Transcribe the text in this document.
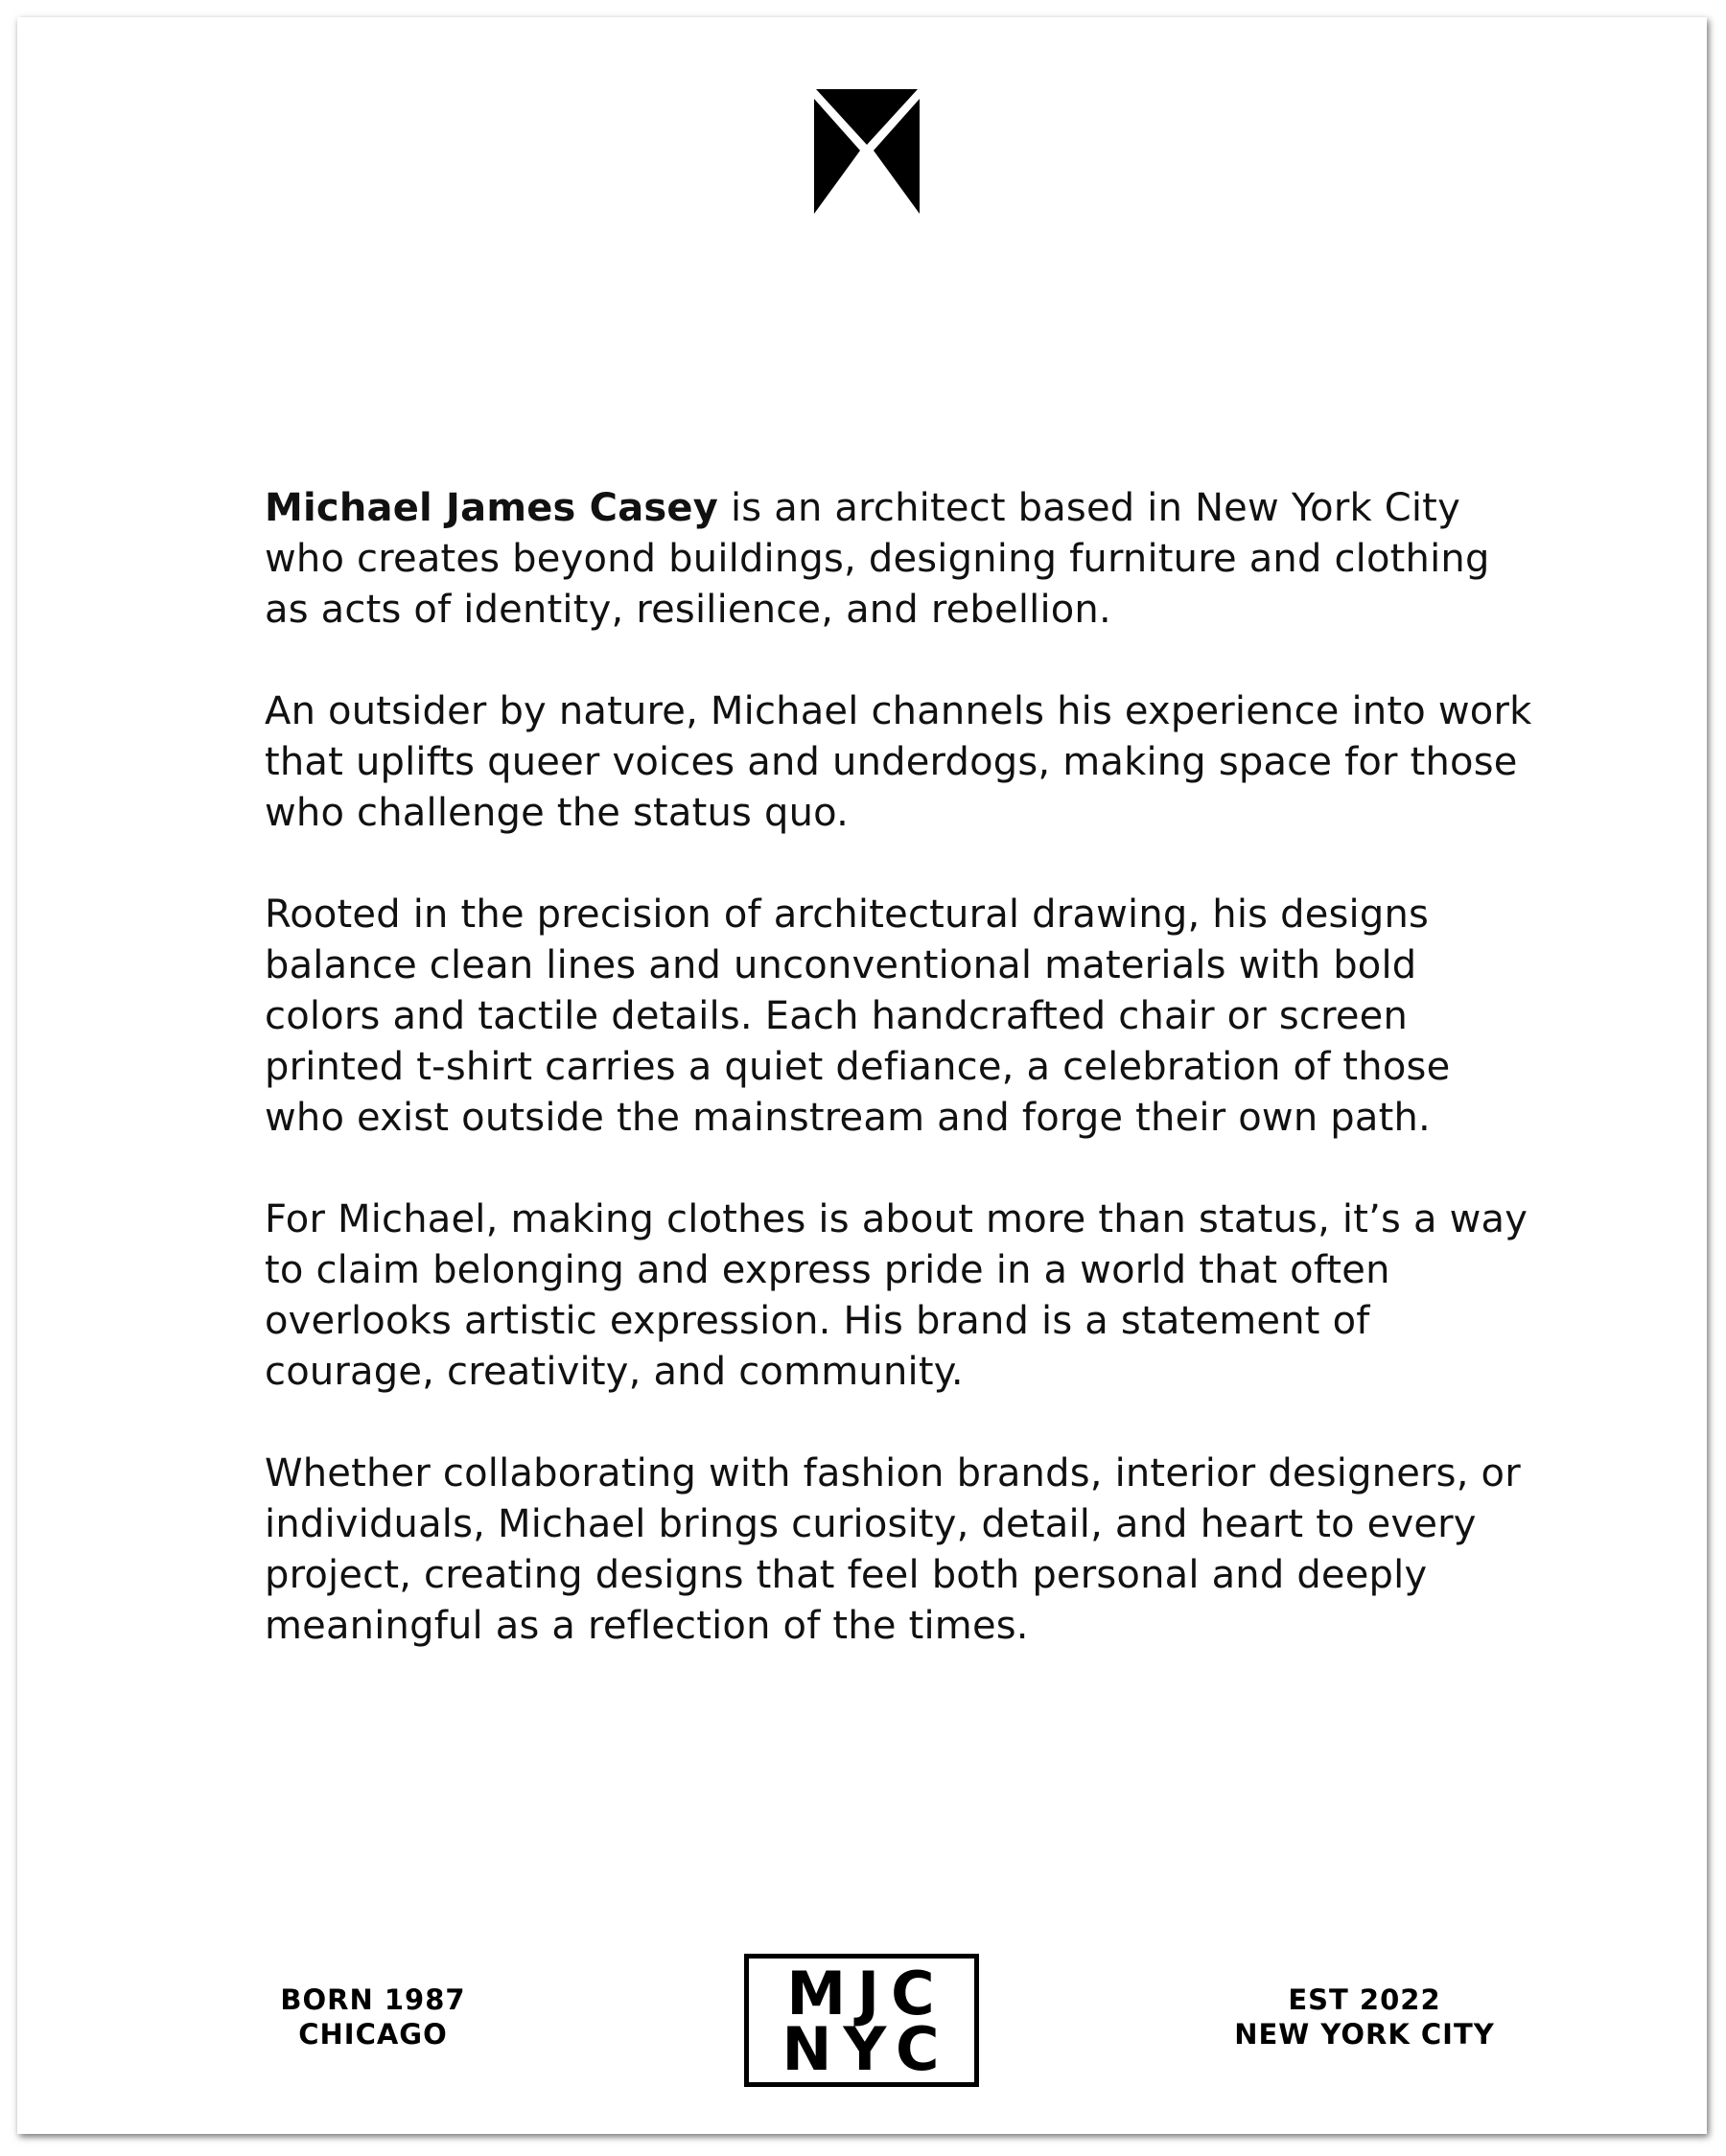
Michael James Casey is an architect based in New York City who creates beyond buildings, designing furniture and clothing as acts of identity, resilience, and rebellion.

An outsider by nature, Michael channels his experience into work that uplifts queer voices and underdogs, making space for those who challenge the status quo.

Rooted in the precision of architectural drawing, his designs balance clean lines and unconventional materials with bold colors and tactile details. Each handcrafted chair or screen printed t-shirt carries a quiet defiance, a celebration of those who exist outside the mainstream and forge their own path.

For Michael, making clothes is about more than status, it’s a way to claim belonging and express pride in a world that often overlooks artistic expression. His brand is a statement of courage, creativity, and community.

Whether collaborating with fashion brands, interior designers, or individuals, Michael brings curiosity, detail, and heart to every project, creating designs that feel both personal and deeply meaningful as a reflection of the times.

BORN 1987
CHICAGO
MJC
NYC
EST 2022
NEW YORK CITY
